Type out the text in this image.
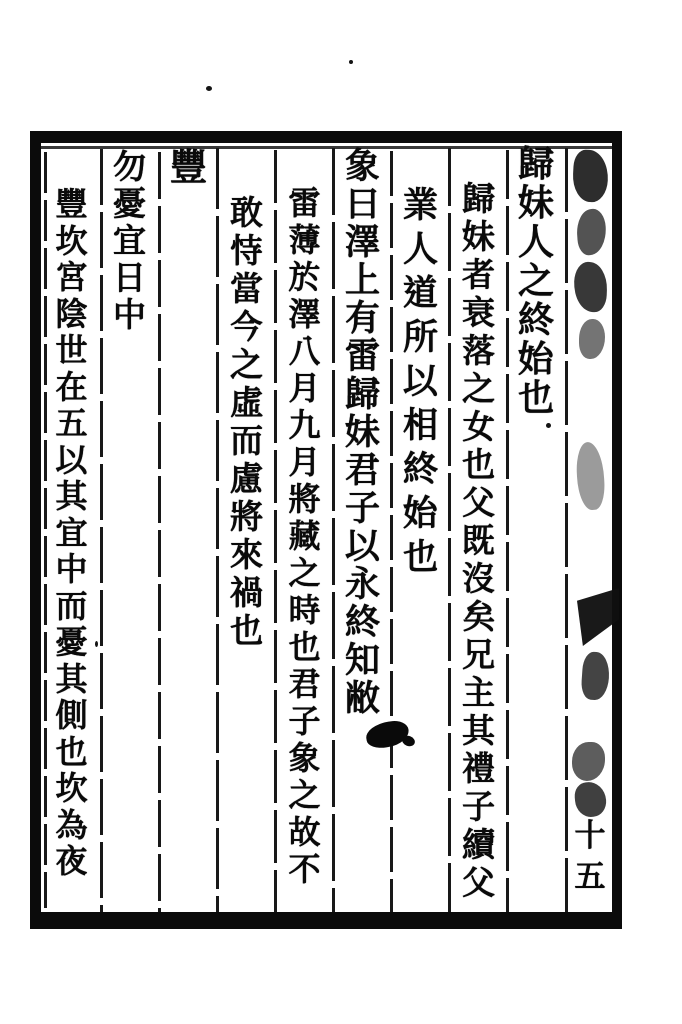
歸
妹
人
之
終
始
也
歸
妹
者
衰
落
之
女
也
父
既
沒
矣
兄
主
其
禮
子
續
父
業
人
道
所
以
相
終
始
也
象
曰
澤
上
有
雷
歸
妹
君
子
以
永
終
知
敝
雷
薄
於
澤
八
月
九
月
將
藏
之
時
也
君
子
象
之
故
不
敢
恃
當
今
之
虛
而
慮
將
來
禍
也
豐
勿
憂
宜
日
中
豐
坎
宮
陰
世
在
五
以
其
宜
中
而
憂
其
側
也
坎
為
夜
十
五
